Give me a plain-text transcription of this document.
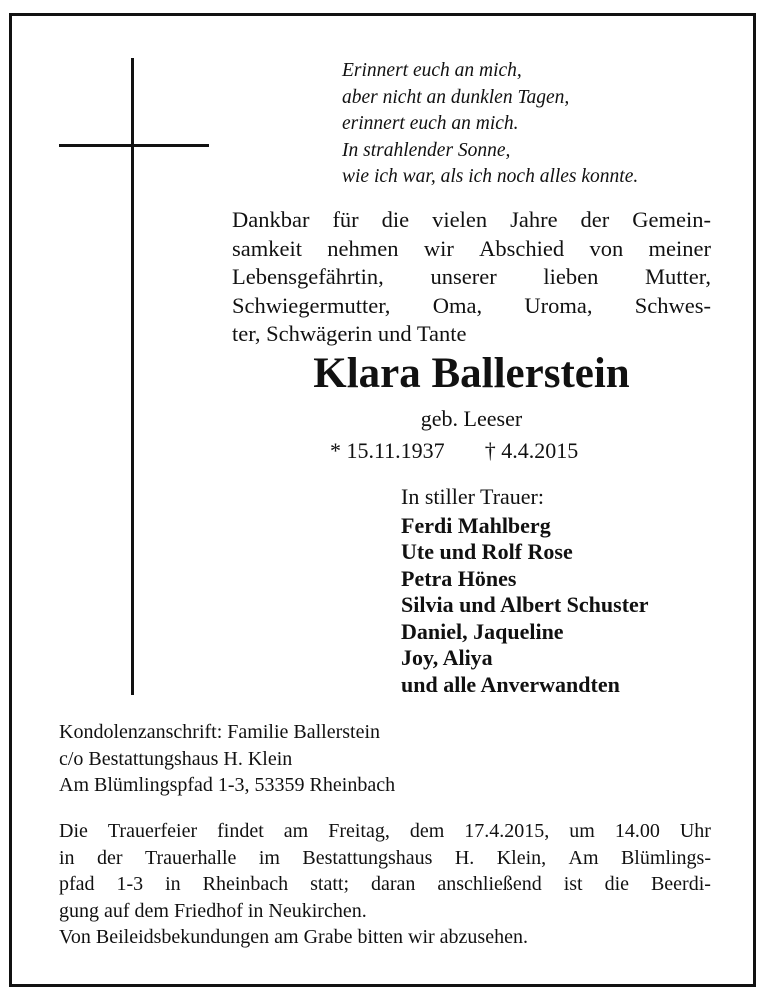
Erinnert euch an mich,
aber nicht an dunklen Tagen,
erinnert euch an mich.
In strahlender Sonne,
wie ich war, als ich noch alles konnte.
Dankbar für die vielen Jahre der Gemein-
samkeit nehmen wir Abschied von meiner
Lebensgefährtin, unserer lieben Mutter,
Schwiegermutter, Oma, Uroma, Schwes-
ter, Schwägerin und Tante
Klara Ballerstein
geb. Leeser
* 15.11.1937 † 4.4.2015
In stiller Trauer:
Ferdi Mahlberg
Ute und Rolf Rose
Petra Hönes
Silvia und Albert Schuster
Daniel, Jaqueline
Joy, Aliya
und alle Anverwandten
Kondolenzanschrift: Familie Ballerstein
c/o Bestattungshaus H. Klein
Am Blümlingspfad 1-3, 53359 Rheinbach
Die Trauerfeier findet am Freitag, dem 17.4.2015, um 14.00 Uhr
in der Trauerhalle im Bestattungshaus H. Klein, Am Blümlings-
pfad 1-3 in Rheinbach statt; daran anschließend ist die Beerdi-
gung auf dem Friedhof in Neukirchen.
Von Beileidsbekundungen am Grabe bitten wir abzusehen.
